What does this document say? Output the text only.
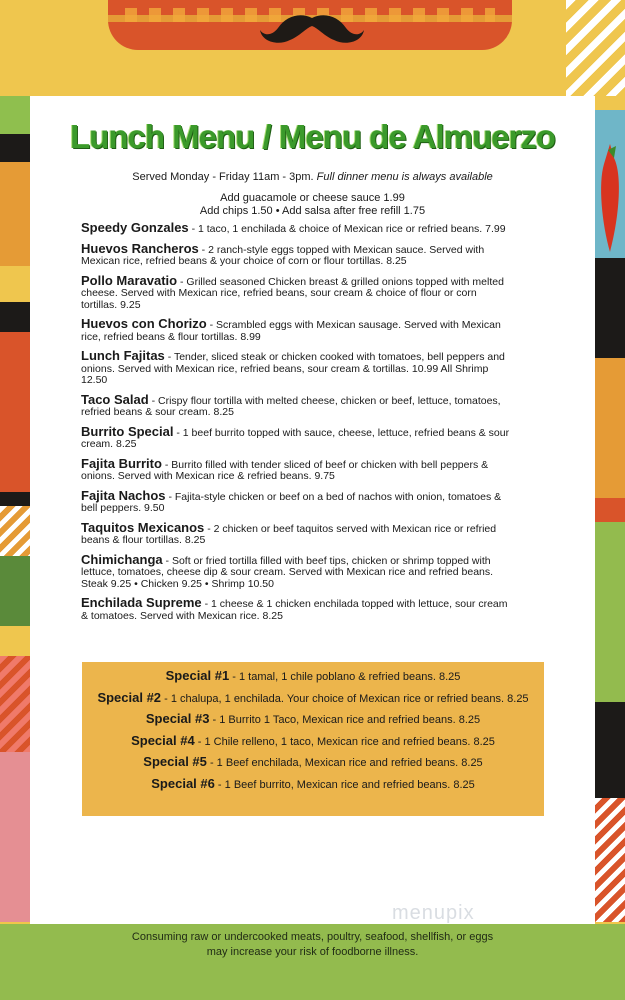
Lunch Menu / Menu de Almuerzo
Served Monday - Friday 11am - 3pm. Full dinner menu is always available
Add guacamole or cheese sauce 1.99
Add chips 1.50 • Add salsa after free refill 1.75
Speedy Gonzales - 1 taco, 1 enchilada & choice of Mexican rice or refried beans. 7.99
Huevos Rancheros - 2 ranch-style eggs topped with Mexican sauce. Served with Mexican rice, refried beans & your choice of corn or flour tortillas. 8.25
Pollo Maravatio - Grilled seasoned Chicken breast & grilled onions topped with melted cheese. Served with Mexican rice, refried beans, sour cream & choice of flour or corn tortillas. 9.25
Huevos con Chorizo - Scrambled eggs with Mexican sausage. Served with Mexican rice, refried beans & flour tortillas. 8.99
Lunch Fajitas - Tender, sliced steak or chicken cooked with tomatoes, bell peppers and onions. Served with Mexican rice, refried beans, sour cream & tortillas. 10.99 All Shrimp 12.50
Taco Salad - Crispy flour tortilla with melted cheese, chicken or beef, lettuce, tomatoes, refried beans & sour cream. 8.25
Burrito Special - 1 beef burrito topped with sauce, cheese, lettuce, refried beans & sour cream. 8.25
Fajita Burrito - Burrito filled with tender sliced of beef or chicken with bell peppers & onions. Served with Mexican rice & refried beans. 9.75
Fajita Nachos - Fajita-style chicken or beef on a bed of nachos with onion, tomatoes & bell peppers. 9.50
Taquitos Mexicanos - 2 chicken or beef taquitos served with Mexican rice or refried beans & flour tortillas. 8.25
Chimichanga - Soft or fried tortilla filled with beef tips, chicken or shrimp topped with lettuce, tomatoes, cheese dip & sour cream. Served with Mexican rice and refried beans. Steak 9.25 • Chicken 9.25 • Shrimp 10.50
Enchilada Supreme - 1 cheese & 1 chicken enchilada topped with lettuce, sour cream & tomatoes. Served with Mexican rice. 8.25
Special #1 - 1 tamal, 1 chile poblano & refried beans. 8.25
Special #2 - 1 chalupa, 1 enchilada. Your choice of Mexican rice or refried beans. 8.25
Special #3 - 1 Burrito 1 Taco, Mexican rice and refried beans. 8.25
Special #4 - 1 Chile relleno, 1 taco, Mexican rice and refried beans. 8.25
Special #5 - 1 Beef enchilada, Mexican rice and refried beans. 8.25
Special #6 - 1 Beef burrito, Mexican rice and refried beans. 8.25
menupix
Consuming raw or undercooked meats, poultry, seafood, shellfish, or eggs
may increase your risk of foodborne illness.
